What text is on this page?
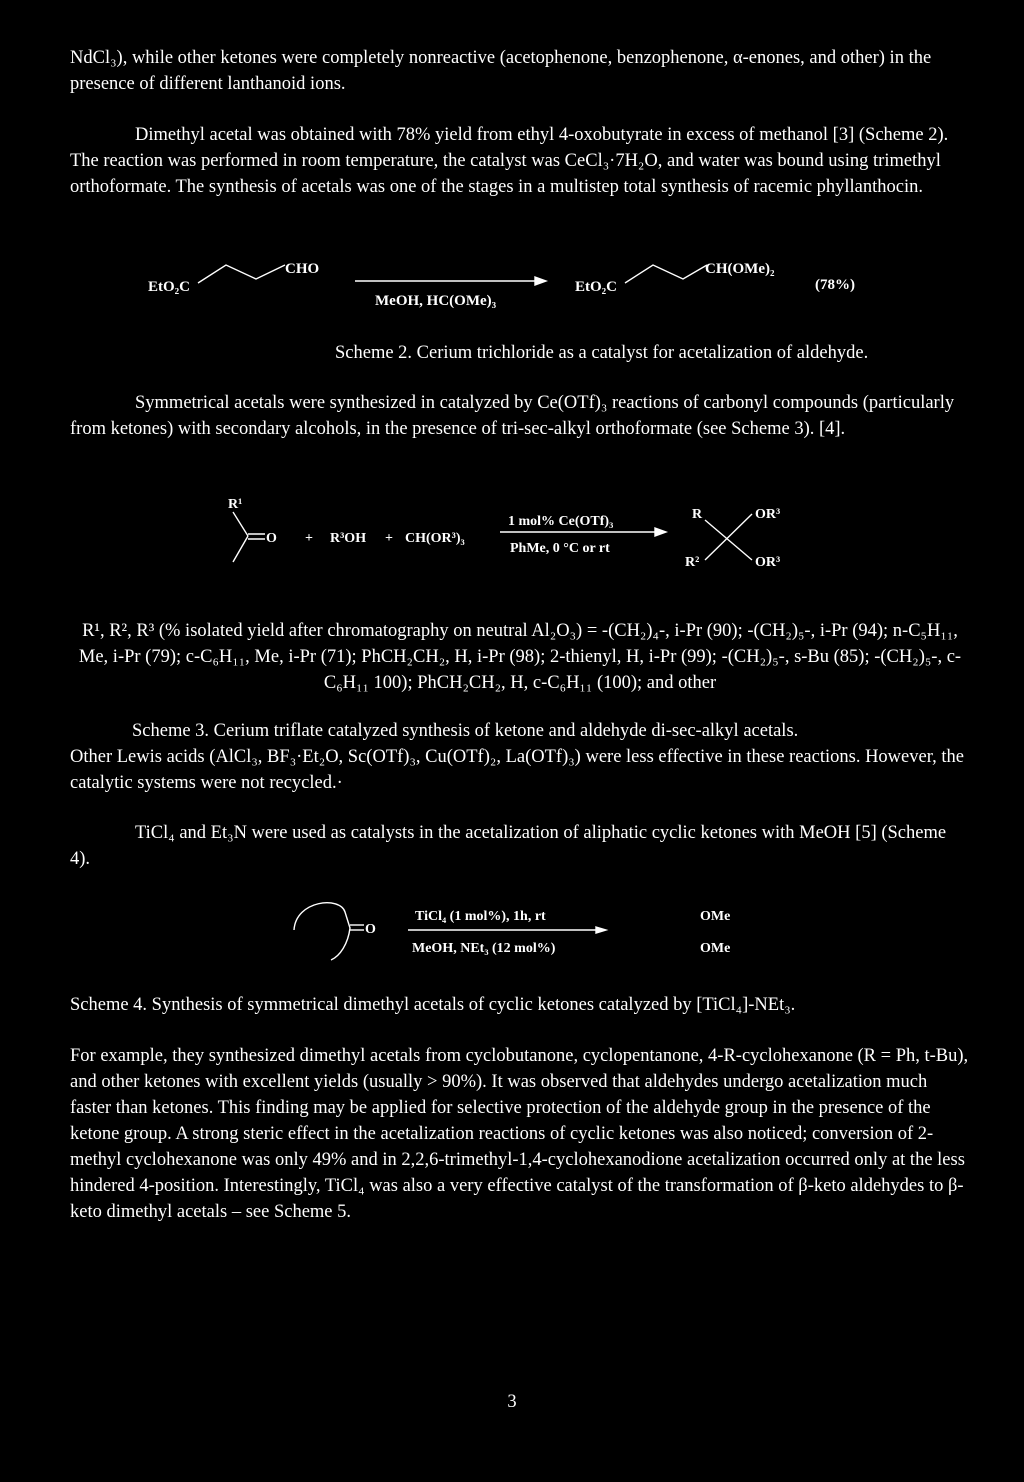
NdCl₃), while other ketones were completely nonreactive (acetophenone, benzophenone, α-enones, and other) in the presence of different lanthanoid ions.

Dimethyl acetal was obtained with 78% yield from ethyl 4-oxobutyrate in excess of methanol [3] (Scheme 2). The reaction was performed in room temperature, the catalyst was CeCl₃·7H₂O, and water was bound using trimethyl orthoformate. The synthesis of acetals was one of the stages in a multistep total synthesis of racemic phyllanthocin.

EtO₂C
CHO
MeOH, HC(OMe)₃
EtO₂C
CH(OMe)₂
(78%)
Scheme 2. Cerium trichloride as a catalyst for acetalization of aldehyde.

Symmetrical acetals were synthesized in catalyzed by Ce(OTf)₃ reactions of carbonyl compounds (particularly from ketones) with secondary alcohols, in the presence of tri-sec-alkyl orthoformate (see Scheme 3). [4].

R¹
O + R³OH + CH(OR³)₃
1 mol% Ce(OTf)₃
PhMe, 0 °C or rt
R
R²
OR³
OR³

R¹, R², R³ (% isolated yield after chromatography on neutral Al₂O₃) = -(CH₂)₄-, i-Pr (90); -(CH₂)₅-, i-Pr (94); n-C₅H₁₁, Me, i-Pr (79); c-C₆H₁₁, Me, i-Pr (71); PhCH₂CH₂, H, i-Pr (98); 2-thienyl, H, i-Pr (99); -(CH₂)₅-, s-Bu (85); -(CH₂)₅-, c-C₆H₁₁ 100); PhCH₂CH₂, H, c-C₆H₁₁ (100); and other

Scheme 3. Cerium triflate catalyzed synthesis of ketone and aldehyde di-sec-alkyl acetals.

Other Lewis acids (AlCl₃, BF₃·Et₂O, Sc(OTf)₃, Cu(OTf)₂, La(OTf)₃) were less effective in these reactions. However, the catalytic systems were not recycled.·

TiCl₄ and Et₃N were used as catalysts in the acetalization of aliphatic cyclic ketones with MeOH [5] (Scheme 4).

O
TiCl₄ (1 mol%), 1h, rt
MeOH, NEt₃ (12 mol%)
OMe
OMe
Scheme 4. Synthesis of symmetrical dimethyl acetals of cyclic ketones catalyzed by [TiCl₄]-NEt₃.

For example, they synthesized dimethyl acetals from cyclobutanone, cyclopentanone, 4-R-cyclohexanone (R = Ph, t-Bu), and other ketones with excellent yields (usually > 90%). It was observed that aldehydes undergo acetalization much faster than ketones. This finding may be applied for selective protection of the aldehyde group in the presence of the ketone group. A strong steric effect in the acetalization reactions of cyclic ketones was also noticed; conversion of 2-methyl cyclohexanone was only 49% and in 2,2,6-trimethyl-1,4-cyclohexanodione acetalization occurred only at the less hindered 4-position. Interestingly, TiCl₄ was also a very effective catalyst of the transformation of β-keto aldehydes to β-keto dimethyl acetals – see Scheme 5.

3
